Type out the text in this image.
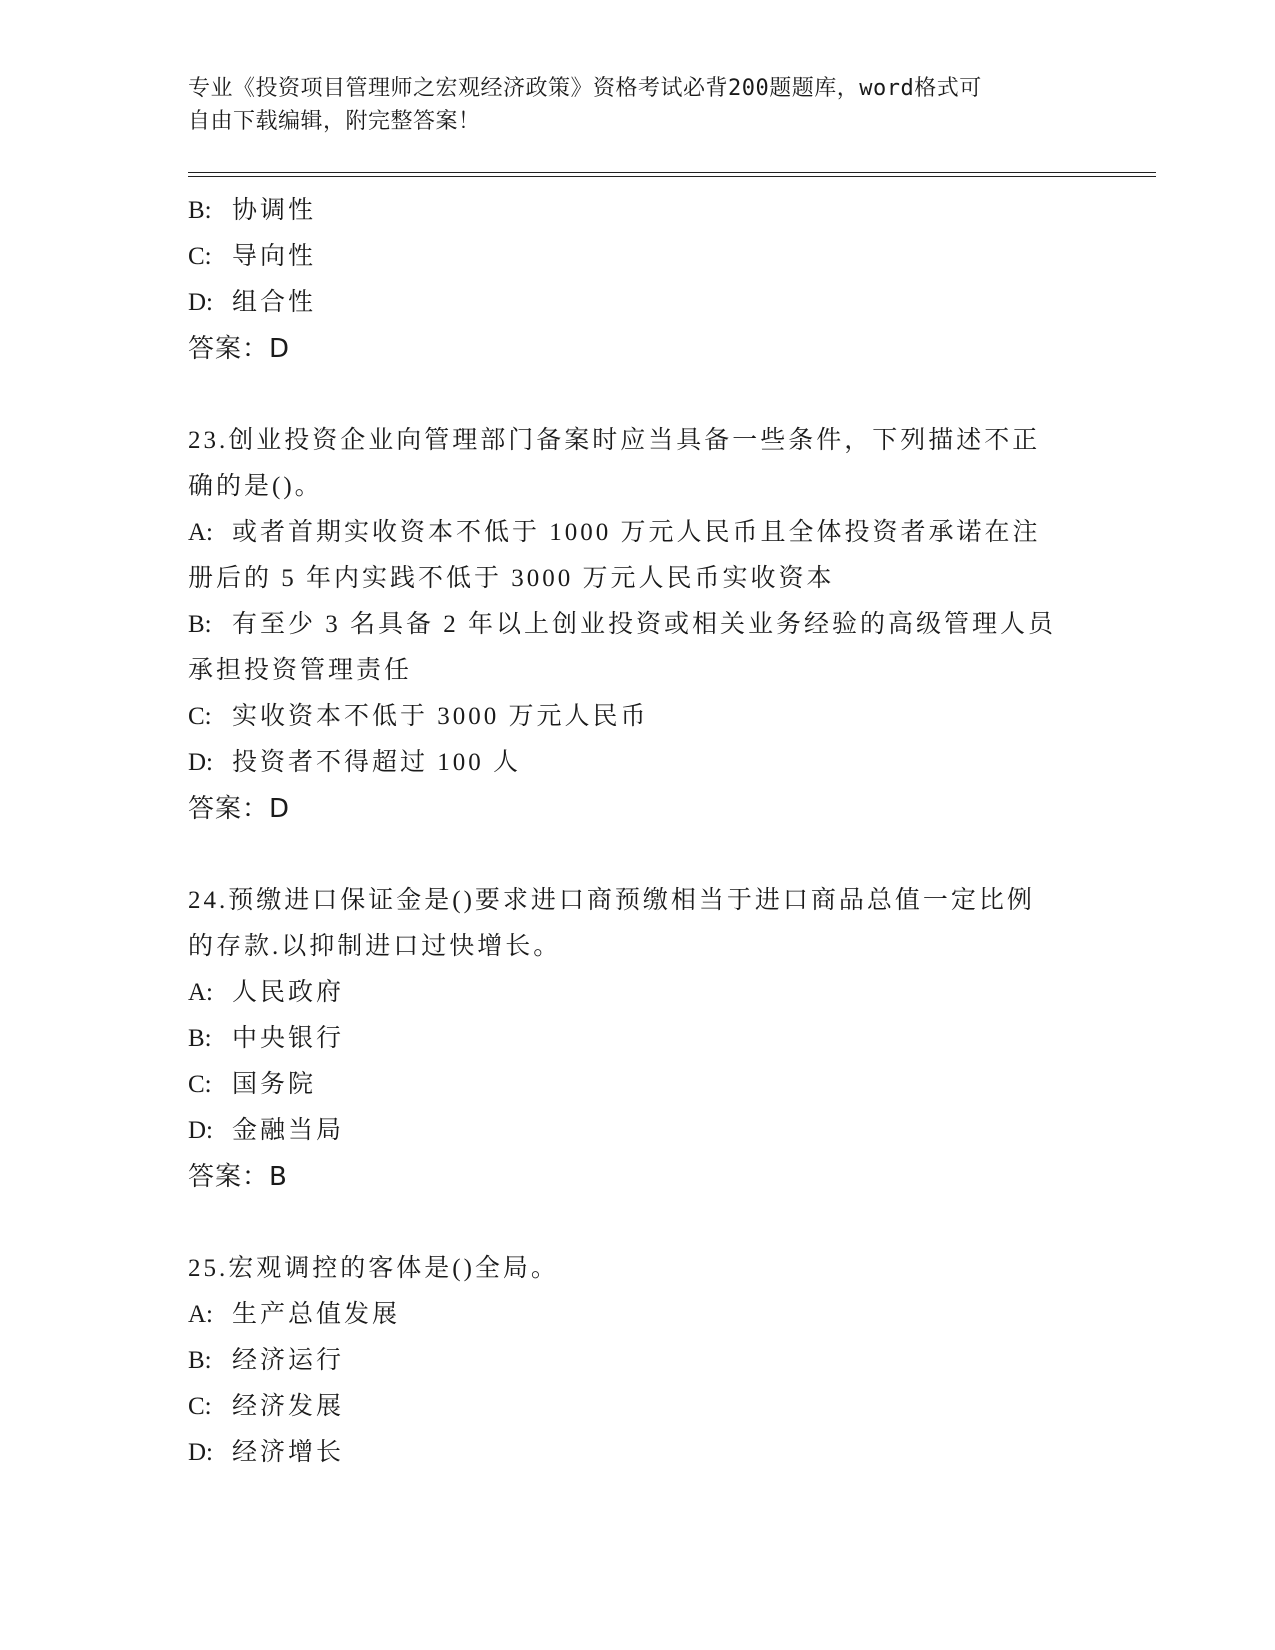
专业《投资项目管理师之宏观经济政策》资格考试必背200题题库，word格式可
自由下载编辑，附完整答案！
B: 协调性
C: 导向性
D: 组合性
答案：D
23.创业投资企业向管理部门备案时应当具备一些条件，下列描述不正
确的是()。
A: 或者首期实收资本不低于 1000 万元人民币且全体投资者承诺在注
册后的 5 年内实践不低于 3000 万元人民币实收资本
B: 有至少 3 名具备 2 年以上创业投资或相关业务经验的高级管理人员
承担投资管理责任
C: 实收资本不低于 3000 万元人民币
D: 投资者不得超过 100 人
答案：D
24.预缴进口保证金是()要求进口商预缴相当于进口商品总值一定比例
的存款.以抑制进口过快增长。
A: 人民政府
B: 中央银行
C: 国务院
D: 金融当局
答案：B
25.宏观调控的客体是()全局。
A: 生产总值发展
B: 经济运行
C: 经济发展
D: 经济增长
